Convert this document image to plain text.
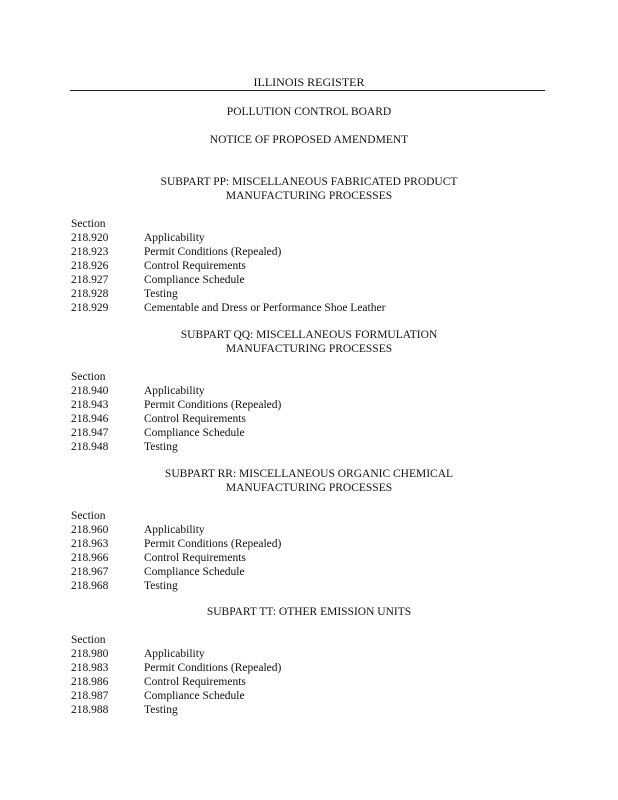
ILLINOIS REGISTER
POLLUTION CONTROL BOARD
NOTICE OF PROPOSED AMENDMENT
SUBPART PP: MISCELLANEOUS FABRICATED PRODUCT
MANUFACTURING PROCESSES
Section
218.920	Applicability
218.923	Permit Conditions (Repealed)
218.926	Control Requirements
218.927	Compliance Schedule
218.928	Testing
218.929	Cementable and Dress or Performance Shoe Leather
SUBPART QQ: MISCELLANEOUS FORMULATION
MANUFACTURING PROCESSES
Section
218.940	Applicability
218.943	Permit Conditions (Repealed)
218.946	Control Requirements
218.947	Compliance Schedule
218.948	Testing
SUBPART RR: MISCELLANEOUS ORGANIC CHEMICAL
MANUFACTURING PROCESSES
Section
218.960	Applicability
218.963	Permit Conditions (Repealed)
218.966	Control Requirements
218.967	Compliance Schedule
218.968	Testing
SUBPART TT: OTHER EMISSION UNITS
Section
218.980	Applicability
218.983	Permit Conditions (Repealed)
218.986	Control Requirements
218.987	Compliance Schedule
218.988	Testing
